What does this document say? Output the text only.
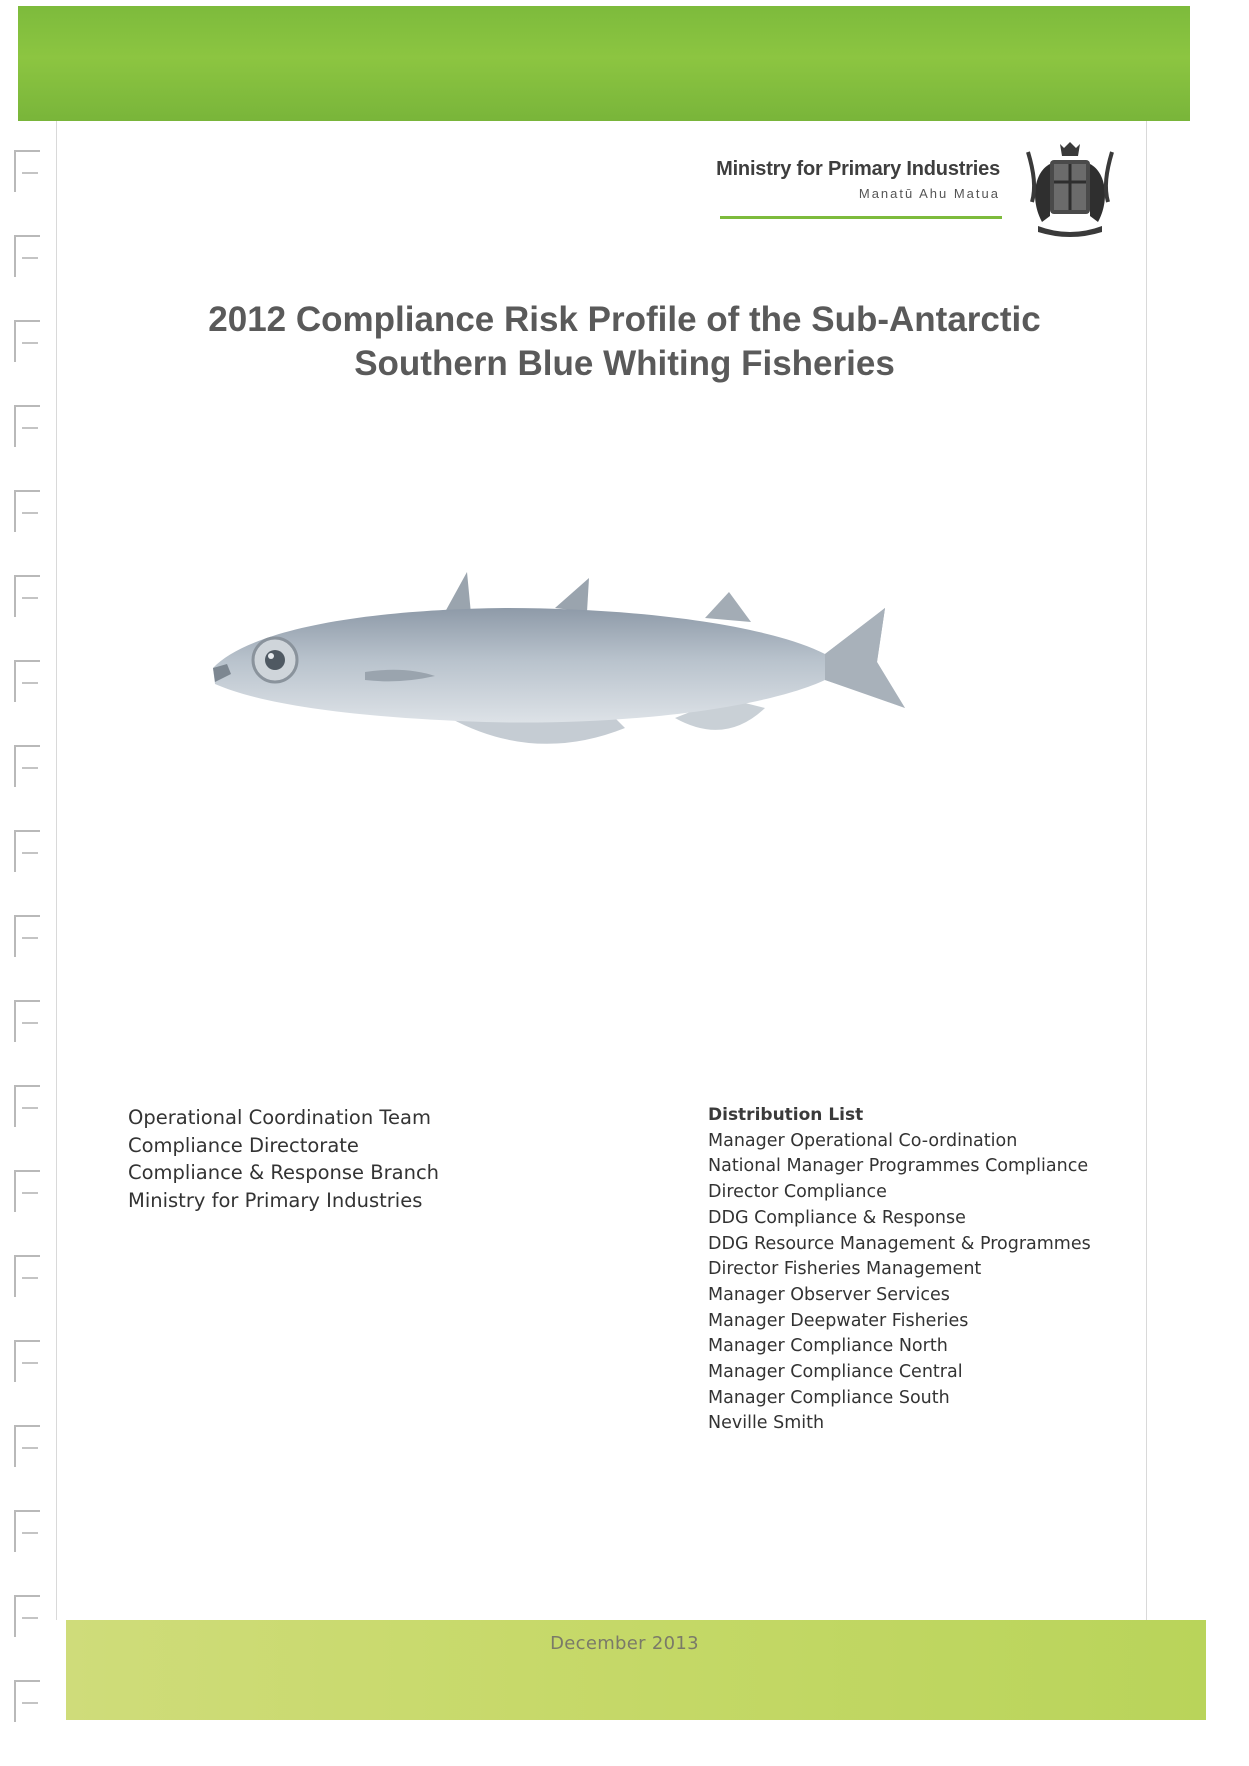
Ministry for Primary Industries
Manatū Ahu Matua
2012 Compliance Risk Profile of the Sub-Antarctic
Southern Blue Whiting Fisheries
Operational Coordination Team
Compliance Directorate
Compliance & Response Branch
Ministry for Primary Industries
Distribution List
Manager Operational Co-ordination
National Manager Programmes Compliance
Director Compliance
DDG Compliance & Response
DDG Resource Management & Programmes
Director Fisheries Management
Manager Observer Services
Manager Deepwater Fisheries
Manager Compliance North
Manager Compliance Central
Manager Compliance South
Neville Smith
December 2013
